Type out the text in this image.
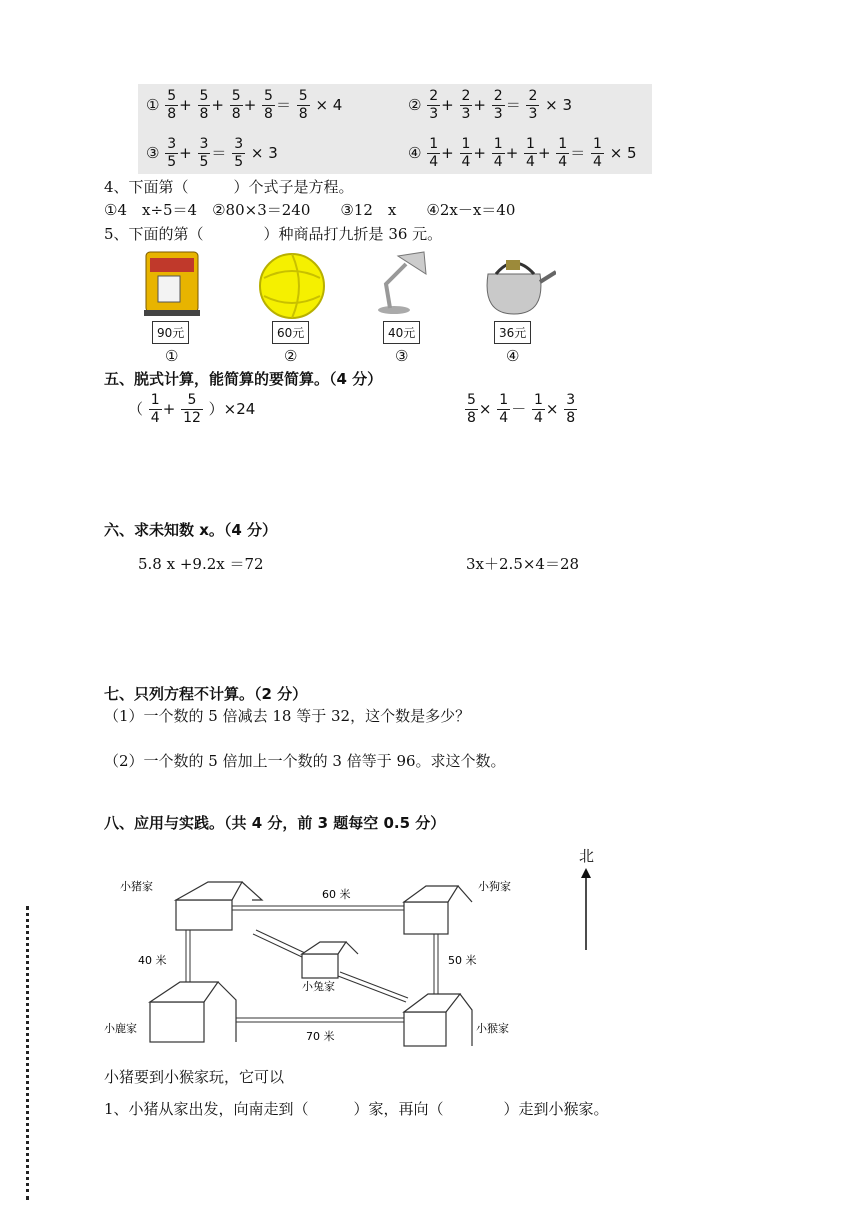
① $\frac{5}{8} + \frac{5}{8} + \frac{5}{8} + \frac{5}{8} = \frac{5}{8} \times 4$	② $\frac{2}{3} + \frac{2}{3} + \frac{2}{3} = \frac{2}{3} \times 3$
③ $\frac{3}{5} + \frac{3}{5} = \frac{3}{5} \times 3$	④ $\frac{1}{4} + \frac{1}{4} + \frac{1}{4} + \frac{1}{4} + \frac{1}{4} = \frac{1}{4} \times 5$
4、下面第（　　　）个式子是方程。
①4　x÷5＝4　②80×3＝240　　③12　x　　④2x－x＝40
5、下面的第（　　　　）种商品打九折是 36 元。
90元	60元	40元	36元
①	②	③	④
五、脱式计算，能简算的要简算。（4 分）
（ $\frac{1}{4} + \frac{5}{12} )\times 24$	$\frac{5}{8} \times \frac{1}{4} - \frac{1}{4} \times \frac{3}{8}$
六、求未知数 x。（4 分）
5.8 x +9.2x ＝72	3x＋2.5×4＝28
七、只列方程不计算。（2 分）
（1）一个数的 5 倍减去 18 等于 32，这个数是多少？
（2）一个数的 5 倍加上一个数的 3 倍等于 96。求这个数。
八、应用与实践。（共 4 分，前 3 题每空 0.5 分）
北
小猪家	小狗家
小兔家
小鹿家	小猴家
60 米
40 米	50 米
70 米
小猪要到小猴家玩，它可以
1、小猪从家出发，向南走到（　　　）家，再向（　　　　）走到小猴家。
